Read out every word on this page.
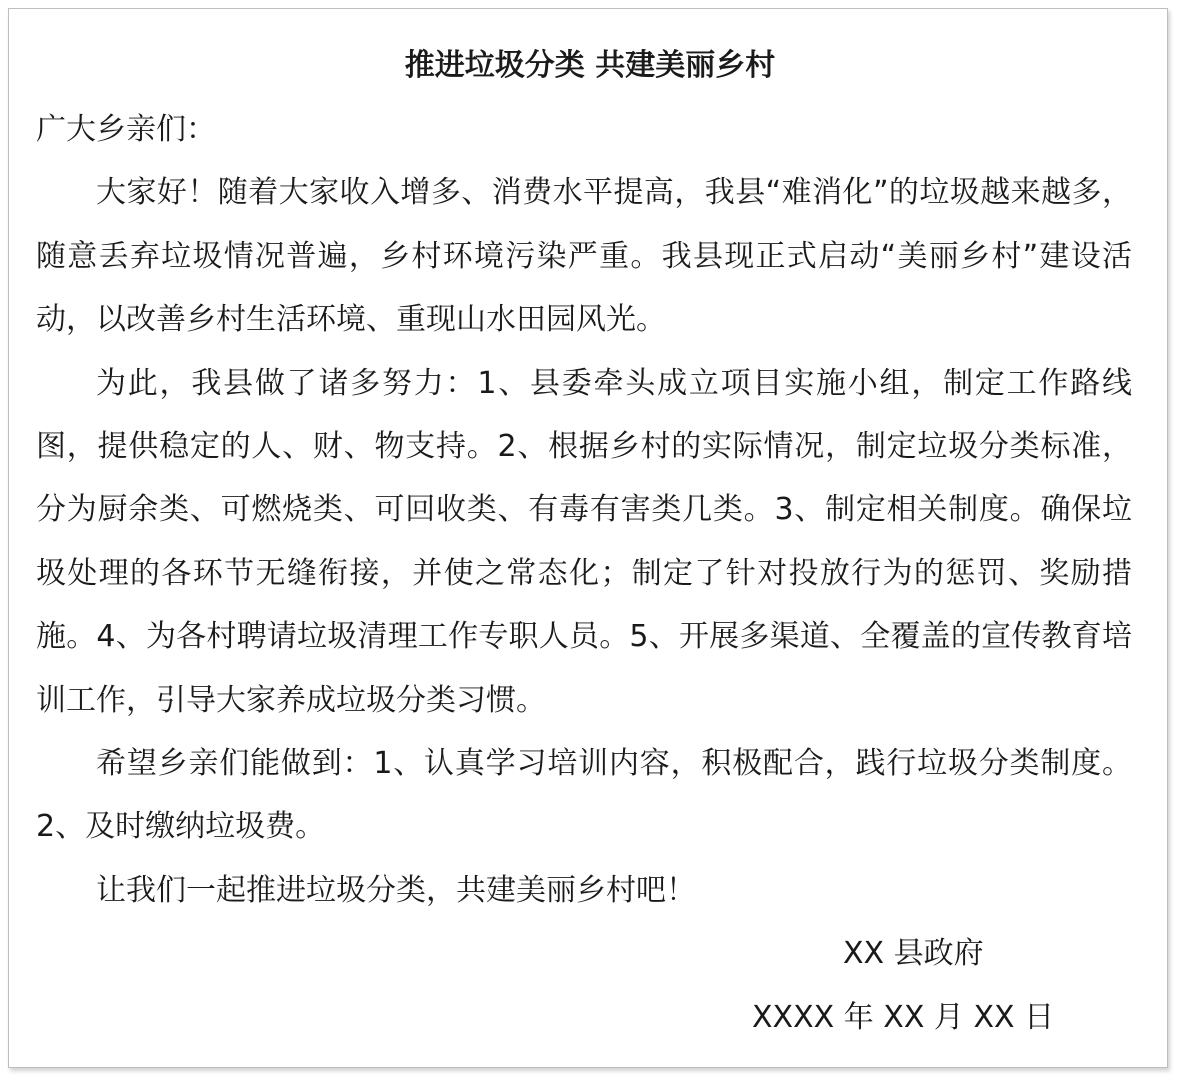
推进垃圾分类 共建美丽乡村

广大乡亲们：

大家好！随着大家收入增多、消费水平提高，我县“难消化”的垃圾越来越多，随意丢弃垃圾情况普遍，乡村环境污染严重。我县现正式启动“美丽乡村”建设活动，以改善乡村生活环境、重现山水田园风光。

为此，我县做了诸多努力：1、县委牵头成立项目实施小组，制定工作路线图，提供稳定的人、财、物支持。2、根据乡村的实际情况，制定垃圾分类标准，分为厨余类、可燃烧类、可回收类、有毒有害类几类。3、制定相关制度。确保垃圾处理的各环节无缝衔接，并使之常态化；制定了针对投放行为的惩罚、奖励措施。4、为各村聘请垃圾清理工作专职人员。5、开展多渠道、全覆盖的宣传教育培训工作，引导大家养成垃圾分类习惯。

希望乡亲们能做到：1、认真学习培训内容，积极配合，践行垃圾分类制度。2、及时缴纳垃圾费。

让我们一起推进垃圾分类，共建美丽乡村吧！

XX 县政府

XXXX 年 XX 月 XX 日
